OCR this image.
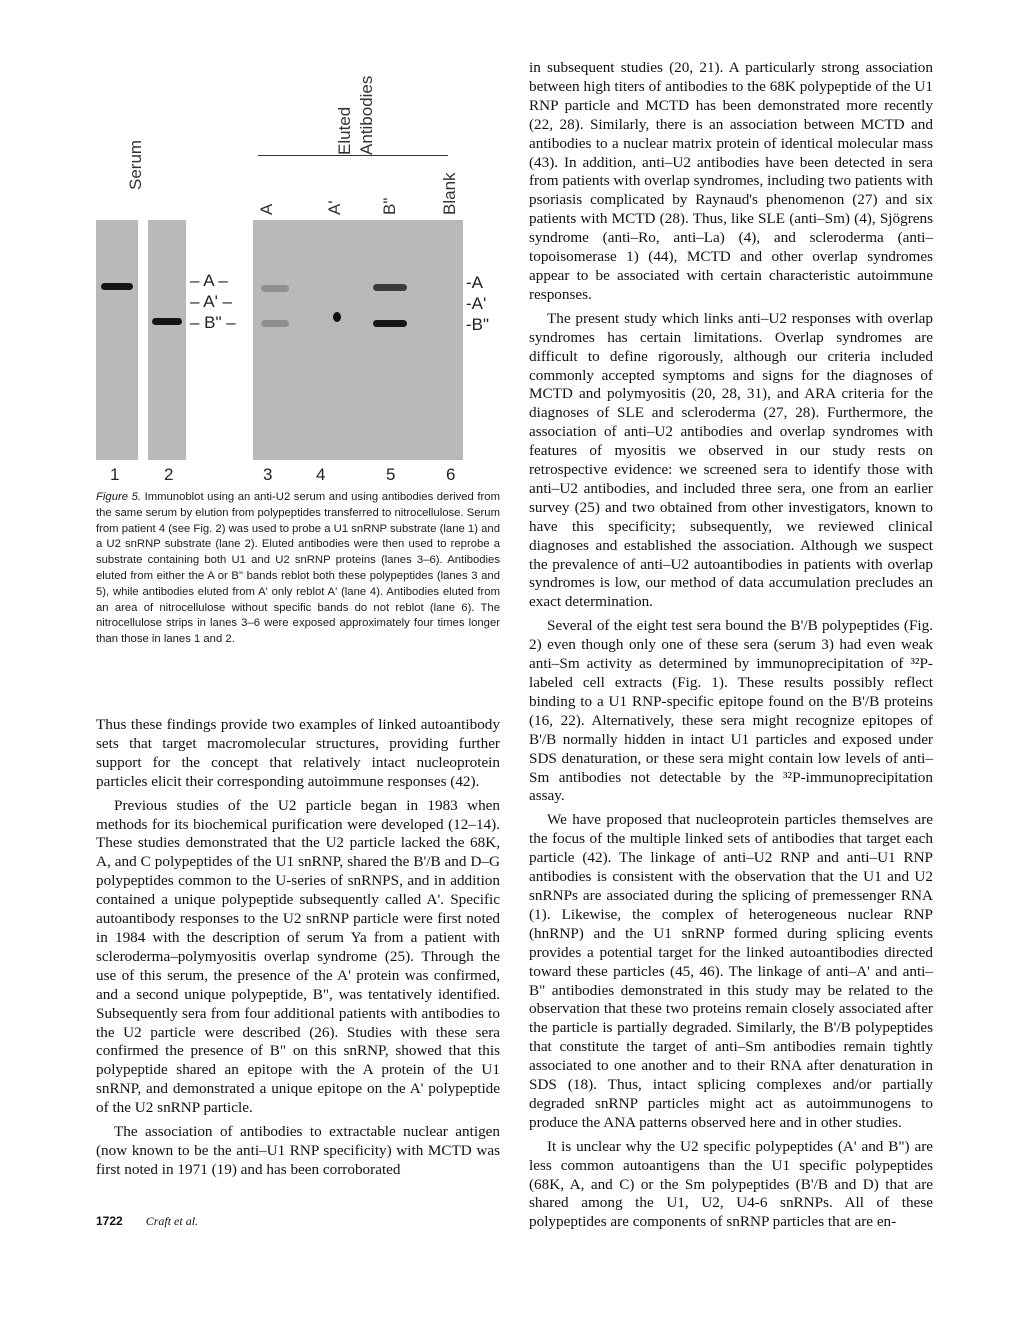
Serum
Eluted Antibodies
A	A' B" Blank
– A –
– A' –
– B" –
-A
-A'
-B"
1	2	3	4	5	6
Figure 5. Immunoblot using an anti-U2 serum and using antibodies derived from the same serum by elution from polypeptides transferred to nitrocellulose. Serum from patient 4 (see Fig. 2) was used to probe a U1 snRNP substrate (lane 1) and a U2 snRNP substrate (lane 2). Eluted antibodies were then used to reprobe a substrate containing both U1 and U2 snRNP proteins (lanes 3–6). Antibodies eluted from either the A or B" bands reblot both these polypeptides (lanes 3 and 5), while antibodies eluted from A' only reblot A' (lane 4). Antibodies eluted from an area of nitrocellulose without specific bands do not reblot (lane 6). The nitrocellulose strips in lanes 3–6 were exposed approximately four times longer than those in lanes 1 and 2.

Thus these findings provide two examples of linked autoantibody sets that target macromolecular structures, providing further support for the concept that relatively intact nucleoprotein particles elicit their corresponding autoimmune responses (42).

Previous studies of the U2 particle began in 1983 when methods for its biochemical purification were developed (12–14). These studies demonstrated that the U2 particle lacked the 68K, A, and C polypeptides of the U1 snRNP, shared the B'/B and D–G polypeptides common to the U-series of snRNPS, and in addition contained a unique polypeptide subsequently called A'. Specific autoantibody responses to the U2 snRNP particle were first noted in 1984 with the description of serum Ya from a patient with scleroderma–polymyositis overlap syndrome (25). Through the use of this serum, the presence of the A' protein was confirmed, and a second unique polypeptide, B", was tentatively identified. Subsequently sera from four additional patients with antibodies to the U2 particle were described (26). Studies with these sera confirmed the presence of B" on this snRNP, showed that this polypeptide shared an epitope with the A protein of the U1 snRNP, and demonstrated a unique epitope on the A' polypeptide of the U2 snRNP particle.

The association of antibodies to extractable nuclear antigen (now known to be the anti–U1 RNP specificity) with MCTD was first noted in 1971 (19) and has been corroborated

in subsequent studies (20, 21). A particularly strong association between high titers of antibodies to the 68K polypeptide of the U1 RNP particle and MCTD has been demonstrated more recently (22, 28). Similarly, there is an association between MCTD and antibodies to a nuclear matrix protein of identical molecular mass (43). In addition, anti–U2 antibodies have been detected in sera from patients with overlap syndromes, including two patients with psoriasis complicated by Raynaud's phenomenon (27) and six patients with MCTD (28). Thus, like SLE (anti–Sm) (4), Sjögrens syndrome (anti–Ro, anti–La) (4), and scleroderma (anti–topoisomerase 1) (44), MCTD and other overlap syndromes appear to be associated with certain characteristic autoimmune responses.

The present study which links anti–U2 responses with overlap syndromes has certain limitations. Overlap syndromes are difficult to define rigorously, although our criteria included commonly accepted symptoms and signs for the diagnoses of MCTD and polymyositis (20, 28, 31), and ARA criteria for the diagnoses of SLE and scleroderma (27, 28). Furthermore, the association of anti–U2 antibodies and overlap syndromes with features of myositis we observed in our study rests on retrospective evidence: we screened sera to identify those with anti–U2 antibodies, and included three sera, one from an earlier survey (25) and two obtained from other investigators, known to have this specificity; subsequently, we reviewed clinical diagnoses and established the association. Although we suspect the prevalence of anti–U2 autoantibodies in patients with overlap syndromes is low, our method of data accumulation precludes an exact determination.

Several of the eight test sera bound the B'/B polypeptides (Fig. 2) even though only one of these sera (serum 3) had even weak anti–Sm activity as determined by immunoprecipitation of ³²P-labeled cell extracts (Fig. 1). These results possibly reflect binding to a U1 RNP-specific epitope found on the B'/B proteins (16, 22). Alternatively, these sera might recognize epitopes of B'/B normally hidden in intact U1 particles and exposed under SDS denaturation, or these sera might contain low levels of anti–Sm antibodies not detectable by the ³²P-immunoprecipitation assay.

We have proposed that nucleoprotein particles themselves are the focus of the multiple linked sets of antibodies that target each particle (42). The linkage of anti–U2 RNP and anti–U1 RNP antibodies is consistent with the observation that the U1 and U2 snRNPs are associated during the splicing of premessenger RNA (1). Likewise, the complex of heterogeneous nuclear RNP (hnRNP) and the U1 snRNP formed during splicing events provides a potential target for the linked autoantibodies directed toward these particles (45, 46). The linkage of anti–A' and anti–B" antibodies demonstrated in this study may be related to the observation that these two proteins remain closely associated after the particle is partially degraded. Similarly, the B'/B polypeptides that constitute the target of anti–Sm antibodies remain tightly associated to one another and to their RNA after denaturation in SDS (18). Thus, intact splicing complexes and/or partially degraded snRNP particles might act as autoimmunogens to produce the ANA patterns observed here and in other studies.

It is unclear why the U2 specific polypeptides (A' and B") are less common autoantigens than the U1 specific polypeptides (68K, A, and C) or the Sm polypeptides (B'/B and D) that are shared among the U1, U2, U4-6 snRNPs. All of these polypeptides are components of snRNP particles that are en-

1722 Craft et al.
